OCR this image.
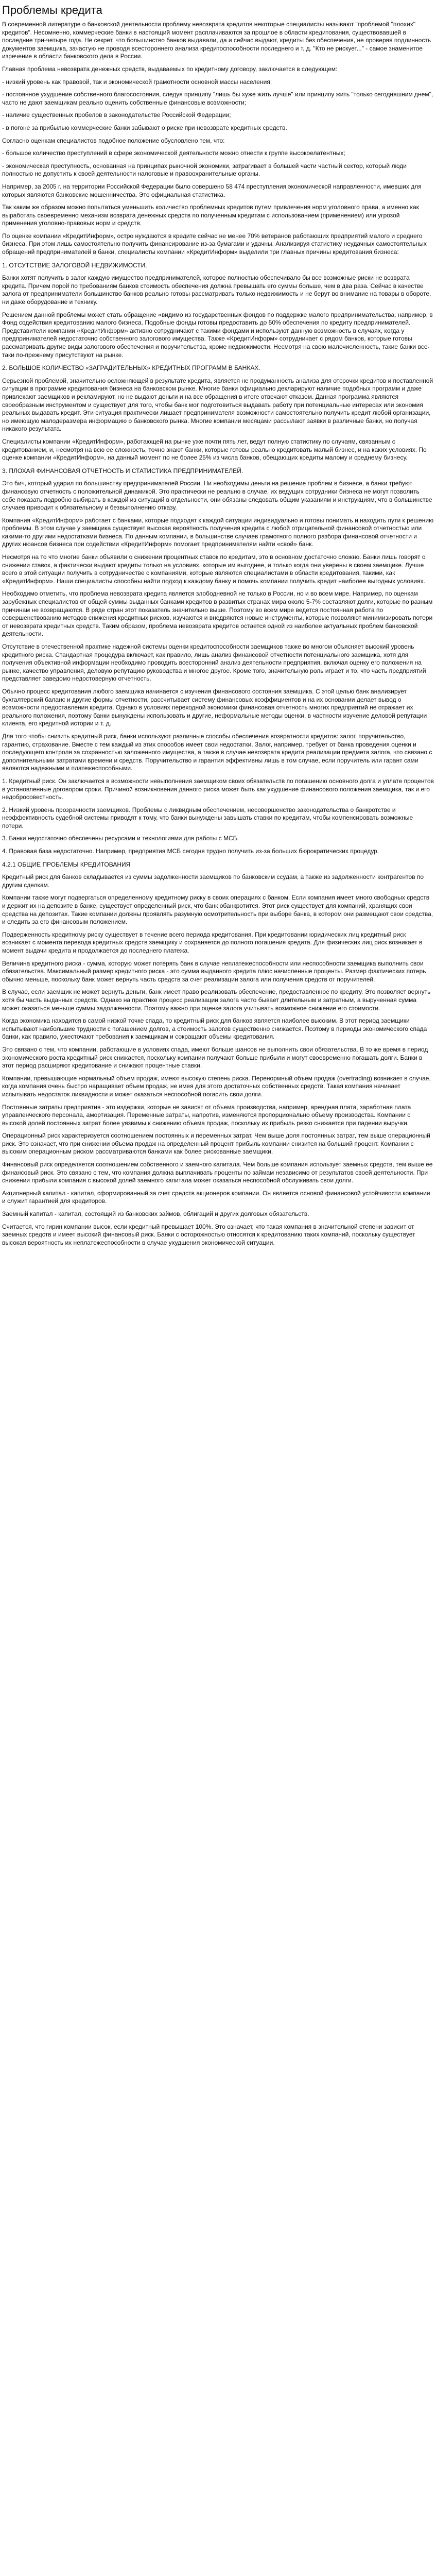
Проблемы кредита
В современной литературе о банковской деятельности проблему невозврата кредитов некоторые специалисты называют "проблемой "плохих" кредитов". Несомненно, коммерческие банки в настоящий момент расплачиваются за прошлое в области кредитования, существовавшей в последние три-четыре года. Не секрет, что большинство банков выдавали, да и сейчас выдают, кредиты без обеспечения, не проверяя подлинность документов заемщика, зачастую не проводя всестороннего анализа кредитоспособности последнего и т. д. "Кто не рискует..." - самое знаменитое изречение в области банковского дела в России.
Главная проблема невозврата денежных средств, выдаваемых по кредитному договору, заключается в следующем:
- низкий уровень как правовой, так и экономической грамотности основной массы населения;
- постоянное ухудшение собственного благосостояния, следуя принципу "лишь бы хуже жить лучше" или принципу жить "только сегодняшним днем", часто не дают заемщикам реально оценить собственные финансовые возможности;
- наличие существенных пробелов в законодательстве Российской Федерации;
- в погоне за прибылью коммерческие банки забывают о риске при невозврате кредитных средств.
Согласно оценкам специалистов подобное положение обусловлено тем, что:
- большое количество преступлений в сфере экономической деятельности можно отнести к группе высокоелатентных;
- экономическая преступность, основанная на принципах рыночной экономики, затрагивает в большей части частный сектор, который люди полностью не допустить к своей деятельности налоговые и правоохранительные органы.
Например, за 2005 г. на территории Российской Федерации было совершено 58 474 преступления экономической направленности, имевших для которых являются банковские мошенничества. Это официальная статистика.
Так каким же образом можно попытаться уменьшить количество проблемных кредитов путем привлечения норм уголовного права, а именно как выработать своевременно механизм возврата денежных средств по полученным кредитам с использованием (применением) или угрозой применения уголовно-правовых норм и средств.
По оценке компании «КредитИнформ», остро нуждаются в кредите сейчас не менее 70% ветеранов работающих предприятий малого и среднего бизнеса. При этом лишь самостоятельно получить финансирование из-за бумагами и удачны. Анализируя статистику неудачных самостоятельных обращений предпринимателей в банки, специалисты компании «КредитИнформ» выделили три главных причины кредитования бизнеса:
1. ОТСУТСТВИЕ ЗАЛОГОВОЙ НЕДВИЖИМОСТИ.
Банки хотят получить в залог каждую имущество предпринимателей, которое полностью обеспечивало бы все возможные риски не возврата кредита. Причем порой по требованиям банков стоимость обеспечения должна превышать его суммы больше, чем в два раза. Сейчас в качестве залога от предприниматели большинство банков реально готовы рассматривать только недвижимость и не берут во внимание на товары в обороте, ни даже оборудование и технику.
Решением данной проблемы может стать обращение «видимо из государственных фондов по поддержке малого предпринимательства, например, в Фонд содействия кредитованию малого бизнеса. Подобные фонды готовы предоставить до 50% обеспечения по кредиту предпринимателей. Представители компании «КредитИнформ» активно сотрудничают с такими фондами и используют данную возможность в случаях, когда у предпринимателей недостаточно собственного залогового имущества. Также «КредитИнформ» сотрудничает с рядом банков, которые готовы рассматривать другие виды залогового обеспечения и поручительства, кроме недвижимости. Несмотря на свою малочисленность, такие банки все-таки по-прежнему присутствуют на рынке.
2. БОЛЬШОЕ КОЛИЧЕСТВО «ЗАГРАДИТЕЛЬНЫХ» КРЕДИТНЫХ ПРОГРАММ В БАНКАХ.
Серьезной проблемой, значительно осложняющей в результате кредита, является не продуманность анализа для отсрочки кредитов и поставленной ситуации в программе кредитования бизнеса на банковском рынке. Многие банки официально декларируют наличие подобных программ и даже привлекают заемщиков и рекламируют, но не выдают деньги и на все обращения в итоге отвечают отказом. Данная программа являются своеобразным инструментом и существует для того, чтобы банк мог подготовиться выдавать работу при потенциальные интересах или экономия реальных выдавать кредит. Эти ситуация практически лишает предпринимателя возможности самостоятельно получить кредит любой организации, но имеющую малодеразмера информацию о банковского рынка. Многие компании месяцами рассылают заявки в различные банки, но получая никакого результата.
Специалисты компании «КредитИнформ», работающей на рынке уже почти пять лет, ведут полную статистику по случаям, связанным с кредитованием, и, несмотря на всю ее сложность, точно знают банки, которые готовы реально кредитовать малый бизнес, и на каких условиях. По оценке компании «КредитИнформ», на данный момент по не более 25% из числа банков, обещающих кредиты малому и среднему бизнесу.
3. ПЛОХАЯ ФИНАНСОВАЯ ОТЧЕТНОСТЬ И СТАТИСТИКА ПРЕДПРИНИМАТЕЛЕЙ.
Это бич, который ударил по большинству предпринимателей России. Ни необходимы деньги на решение проблем в бизнесе, а банки требуют финансовую отчетность с положительной динамикой. Это практически не реально в случае, их ведущих сотрудники бизнеса не могут позволить себе показать подробно выбирать в каждой из ситуаций в отдельности, они обязаны следовать общим указаниям и инструкциям, что в большинстве случаев приводит к обязательному и безвыполнению отказу.
Компания «КредитИнформ» работает с банками, которые подходят к каждой ситуации индивидуально и готовы понимать и находить пути к решению проблемы. В этом случае у заемщика существует высокая вероятность получения кредита с любой отрицательной финансовой отчетностью или какими-то другими недостатками бизнеса. По данным компании, в большинстве случаев грамотного полного разбора финансовой отчетности и других нюансов бизнеса при содействии «КредитИнформ» помогает предпринимателям найти «свой» банк.
Несмотря на то что многие банки объявили о снижении процентных ставок по кредитам, это в основном достаточно сложно. Банки лишь говорят о снижении ставок, а фактически выдают кредиты только на условиях, которые им выгоднее, и только когда они уверены в своем заемщике. Лучше всего в этой ситуации получить в сотрудничестве с компаниями, которые являются специалистами в области кредитования, такими, как «КредитИнформ». Наши специалисты способны найти подход к каждому банку и помочь компании получить кредит наиболее выгодных условиях.
Необходимо отметить, что проблема невозврата кредита является злободневной не только в России, но и во всем мире. Например, по оценкам зарубежных специалистов от общей суммы выданных банками кредитов в развитых странах мира около 5-7% составляют долги, которые по разным причинам не возвращаются. В ряде стран этот показатель значительно выше. Поэтому во всем мире ведется постоянная работа по совершенствованию методов снижения кредитных рисков, изучаются и внедряются новые инструменты, которые позволяют минимизировать потери от невозврата кредитных средств. Таким образом, проблема невозврата кредитов остается одной из наиболее актуальных проблем банковской деятельности.
Отсутствие в отечественной практике надежной системы оценки кредитоспособности заемщиков также во многом объясняет высокий уровень кредитного риска. Стандартная процедура включает, как правило, лишь анализ финансовой отчетности потенциального заемщика, хотя для получения объективной информации необходимо проводить всесторонний анализ деятельности предприятия, включая оценку его положения на рынке, качество управления, деловую репутацию руководства и многое другое. Кроме того, значительную роль играет и то, что часть предприятий представляет заведомо недостоверную отчетность.
Обычно процесс кредитования любого заемщика начинается с изучения финансового состояния заемщика. С этой целью банк анализирует бухгалтерский баланс и другие формы отчетности, рассчитывает систему финансовых коэффициентов и на их основании делает вывод о возможности предоставления кредита. Однако в условиях переходной экономики финансовая отчетность многих предприятий не отражает их реального положения, поэтому банки вынуждены использовать и другие, неформальные методы оценки, в частности изучение деловой репутации клиента, его кредитной истории и т. д.
Для того чтобы снизить кредитный риск, банки используют различные способы обеспечения возвратности кредитов: залог, поручительство, гарантию, страхование. Вместе с тем каждый из этих способов имеет свои недостатки. Залог, например, требует от банка проведения оценки и последующего контроля за сохранностью заложенного имущества, а также в случае невозврата кредита реализации предмета залога, что связано с дополнительными затратами времени и средств. Поручительство и гарантия эффективны лишь в том случае, если поручитель или гарант сами являются надежными и платежеспособными.
1. Кредитный риск. Он заключается в возможности невыполнения заемщиком своих обязательств по погашению основного долга и уплате процентов в установленные договором сроки. Причиной возникновения данного риска может быть как ухудшение финансового положения заемщика, так и его недобросовестность.
2. Низкий уровень прозрачности заемщиков. Проблемы с ликвидным обеспечением, несовершенство законодательства о банкротстве и неэффективность судебной системы приводят к тому, что банки вынуждены завышать ставки по кредитам, чтобы компенсировать возможные потери.
3. Банки недостаточно обеспечены ресурсами и технологиями для работы с МСБ.
4. Правовая база недостаточно. Например, предприятия МСБ сегодня трудно получить из-за больших бюрократических процедур.
4.2.1 ОБЩИЕ ПРОБЛЕМЫ КРЕДИТОВАНИЯ
Кредитный риск для банков складывается из суммы задолженности заемщиков по банковским ссудам, а также из задолженности контрагентов по другим сделкам.
Компании также могут подвергаться определенному кредитному риску в своих операциях с банком. Если компания имеет много свободных средств и держит их на депозите в банке, существует определенный риск, что банк обанкротится. Этот риск существует для компаний, хранящих свои средства на депозитах. Такие компании должны проявлять разумную осмотрительность при выборе банка, в котором они размещают свои средства, и следить за его финансовым положением.
Подверженность кредитному риску существует в течение всего периода кредитования. При кредитовании юридических лиц кредитный риск возникает с момента перевода кредитных средств заемщику и сохраняется до полного погашения кредита. Для физических лиц риск возникает в момент выдачи кредита и продолжается до последнего платежа.
Величина кредитного риска - сумма, которую может потерять банк в случае неплатежеспособности или неспособности заемщика выполнить свои обязательства. Максимальный размер кредитного риска - это сумма выданного кредита плюс начисленные проценты. Размер фактических потерь обычно меньше, поскольку банк может вернуть часть средств за счет реализации залога или получения средств от поручителей.
В случае, если заемщик не может вернуть деньги, банк имеет право реализовать обеспечение, предоставленное по кредиту. Это позволяет вернуть хотя бы часть выданных средств. Однако на практике процесс реализации залога часто бывает длительным и затратным, а вырученная сумма может оказаться меньше суммы задолженности. Поэтому важно при оценке залога учитывать возможное снижение его стоимости.
Когда экономика находится в самой низкой точке спада, то кредитный риск для банков является наиболее высоким. В этот период заемщики испытывают наибольшие трудности с погашением долгов, а стоимость залогов существенно снижается. Поэтому в периоды экономического спада банки, как правило, ужесточают требования к заемщикам и сокращают объемы кредитования.
Это связано с тем, что компании, работающие в условиях спада, имеют больше шансов не выполнить свои обязательства. В то же время в период экономического роста кредитный риск снижается, поскольку компании получают больше прибыли и могут своевременно погашать долги. Банки в этот период расширяют кредитование и снижают процентные ставки.
Компании, превышающие нормальный объем продаж, имеют высокую степень риска. Перенормный объем продаж (overtrading) возникает в случае, когда компания очень быстро наращивает объем продаж, не имея для этого достаточных собственных средств. Такая компания начинает испытывать недостаток ликвидности и может оказаться неспособной погасить свои долги.
Постоянные затраты предприятия - это издержки, которые не зависят от объема производства, например, арендная плата, заработная плата управленческого персонала, амортизация. Переменные затраты, напротив, изменяются пропорционально объему производства. Компании с высокой долей постоянных затрат более уязвимы к снижению объема продаж, поскольку их прибыль резко снижается при падении выручки.
Операционный риск характеризуется соотношением постоянных и переменных затрат. Чем выше доля постоянных затрат, тем выше операционный риск. Это означает, что при снижении объема продаж на определенный процент прибыль компании снизится на больший процент. Компании с высоким операционным риском рассматриваются банками как более рискованные заемщики.
Финансовый риск определяется соотношением собственного и заемного капитала. Чем больше компания использует заемных средств, тем выше ее финансовый риск. Это связано с тем, что компания должна выплачивать проценты по займам независимо от результатов своей деятельности. При снижении прибыли компания с высокой долей заемного капитала может оказаться неспособной обслуживать свои долги.
Акционерный капитал - капитал, сформированный за счет средств акционеров компании. Он является основой финансовой устойчивости компании и служит гарантией для кредиторов.
Заемный капитал - капитал, состоящий из банковских займов, облигаций и других долговых обязательств.
Считается, что гирин компании высок, если кредитный превышает 100%. Это означает, что такая компания в значительной степени зависит от заемных средств и имеет высокий финансовый риск. Банки с осторожностью относятся к кредитованию таких компаний, поскольку существует высокая вероятность их неплатежеспособности в случае ухудшения экономической ситуации.
